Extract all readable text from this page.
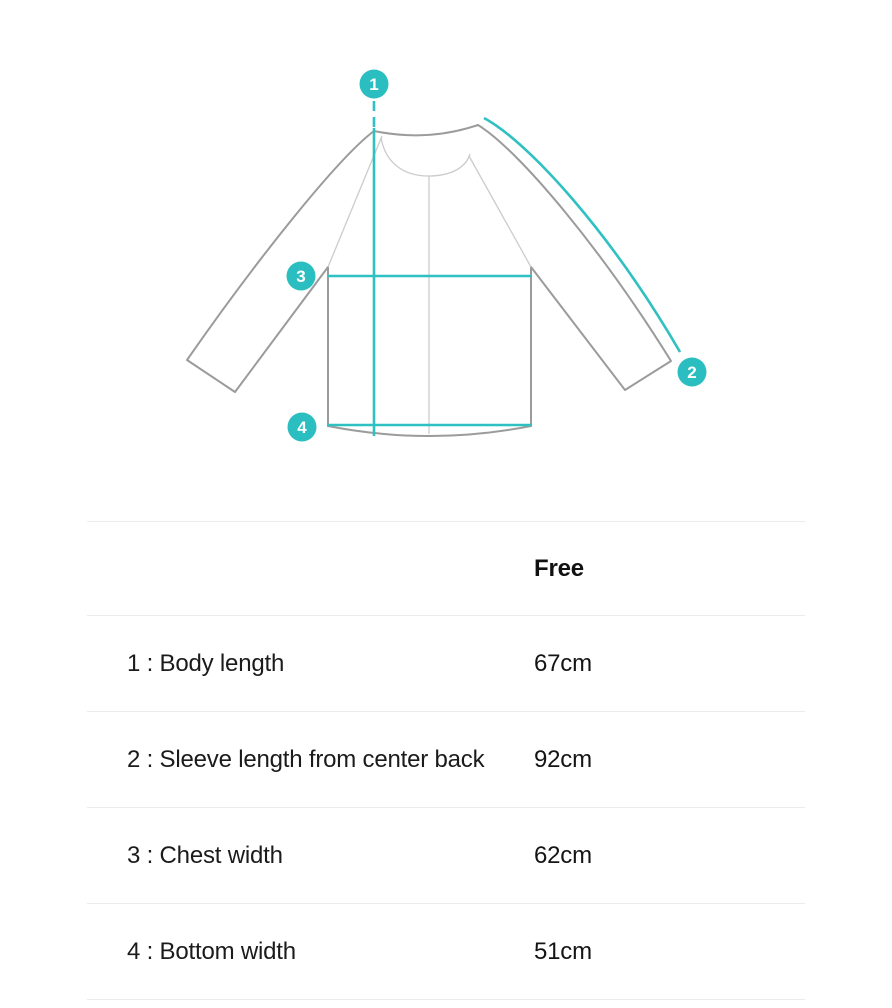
1
2
3
4
Free
1 : Body length	67cm
2 : Sleeve length from center back	92cm
3 : Chest width	62cm
4 : Bottom width	51cm
